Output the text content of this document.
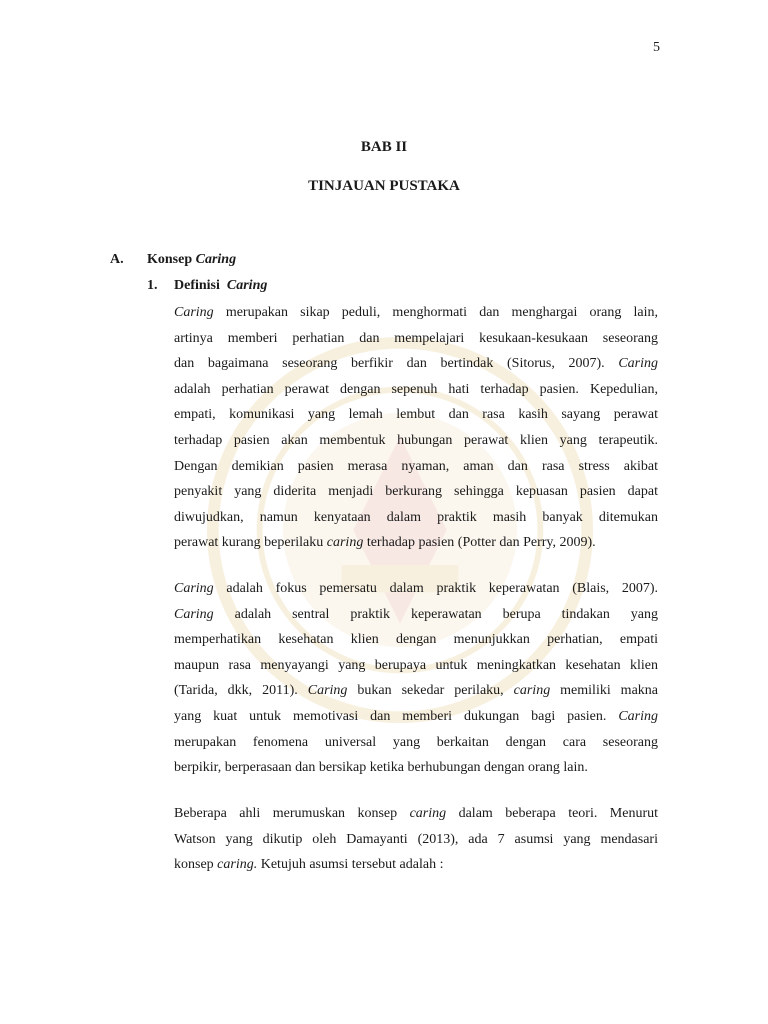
5
BAB II
TINJAUAN PUSTAKA
A. Konsep Caring
1. Definisi Caring
Caring merupakan sikap peduli, menghormati dan menghargai orang lain,
artinya memberi perhatian dan mempelajari kesukaan-kesukaan seseorang
dan bagaimana seseorang berfikir dan bertindak (Sitorus, 2007). Caring
adalah perhatian perawat dengan sepenuh hati terhadap pasien. Kepedulian,
empati, komunikasi yang lemah lembut dan rasa kasih sayang perawat
terhadap pasien akan membentuk hubungan perawat klien yang terapeutik.
Dengan demikian pasien merasa nyaman, aman dan rasa stress akibat
penyakit yang diderita menjadi berkurang sehingga kepuasan pasien dapat
diwujudkan, namun kenyataan dalam praktik masih banyak ditemukan
perawat kurang beperilaku caring terhadap pasien (Potter dan Perry, 2009).
Caring adalah fokus pemersatu dalam praktik keperawatan (Blais, 2007).
Caring adalah sentral praktik keperawatan berupa tindakan yang
memperhatikan kesehatan klien dengan menunjukkan perhatian, empati
maupun rasa menyayangi yang berupaya untuk meningkatkan kesehatan klien
(Tarida, dkk, 2011). Caring bukan sekedar perilaku, caring memiliki makna
yang kuat untuk memotivasi dan memberi dukungan bagi pasien. Caring
merupakan fenomena universal yang berkaitan dengan cara seseorang
berpikir, berperasaan dan bersikap ketika berhubungan dengan orang lain.
Beberapa ahli merumuskan konsep caring dalam beberapa teori. Menurut
Watson yang dikutip oleh Damayanti (2013), ada 7 asumsi yang mendasari
konsep caring. Ketujuh asumsi tersebut adalah :
